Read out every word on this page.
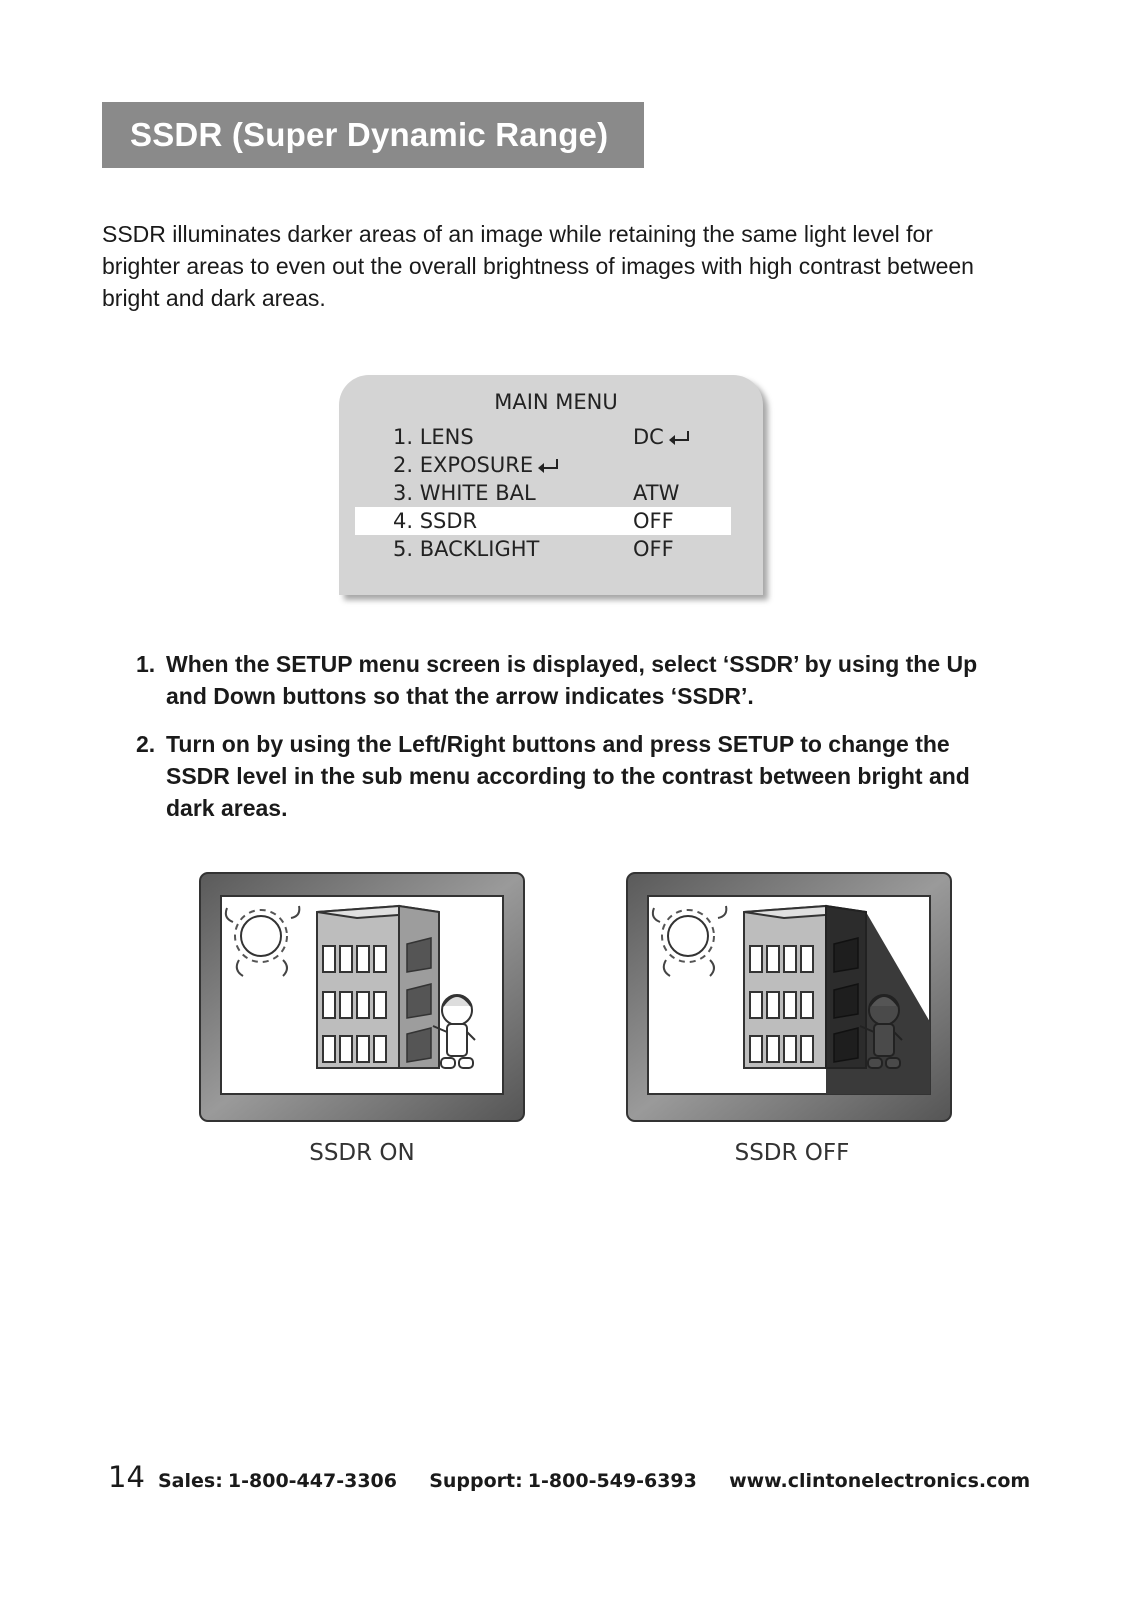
SSDR (Super Dynamic Range)

SSDR illuminates darker areas of an image while retaining the same light level for brighter areas to even out the overall brightness of images with high contrast between bright and dark areas.

MAIN MENU
1. LENS	DC
2. EXPOSURE
3. WHITE BAL	ATW
4. SSDR	OFF
5. BACKLIGHT	OFF
1. When the SETUP menu screen is displayed, select ‘SSDR’ by using the Up and Down buttons so that the arrow indicates ‘SSDR’.
2. Turn on by using the Left/Right buttons and press SETUP to change the SSDR level in the sub menu according to the contrast between bright and dark areas.
SSDR ON	SSDR OFF
14 Sales: 1-800-447-3306 Support: 1-800-549-6393 www.clintonelectronics.com
